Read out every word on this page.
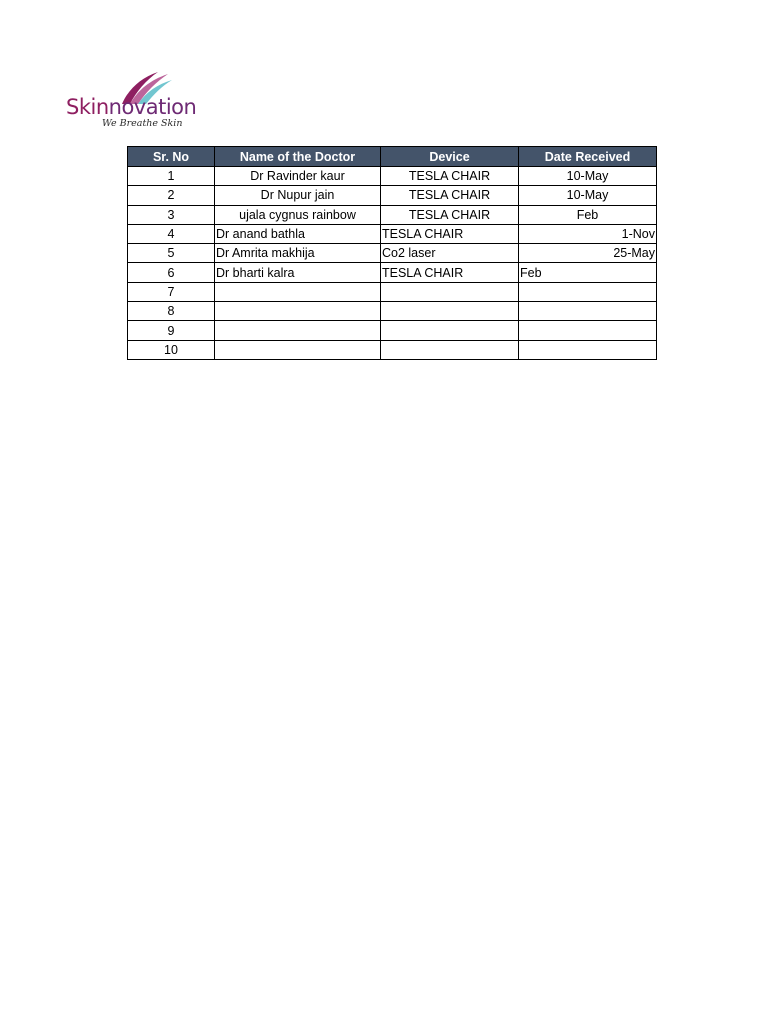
Skinnovation
We Breathe Skin
Sr. No	Name of the Doctor	Device	Date Received
1	Dr Ravinder kaur	TESLA CHAIR	10-May
2	Dr Nupur jain	TESLA CHAIR	10-May
3	ujala cygnus rainbow	TESLA CHAIR	Feb
4	Dr anand bathla	TESLA CHAIR	1-Nov
5	Dr Amrita makhija	Co2 laser	25-May
6	Dr bharti kalra	TESLA CHAIR	Feb
7			
8			
9			
10			
